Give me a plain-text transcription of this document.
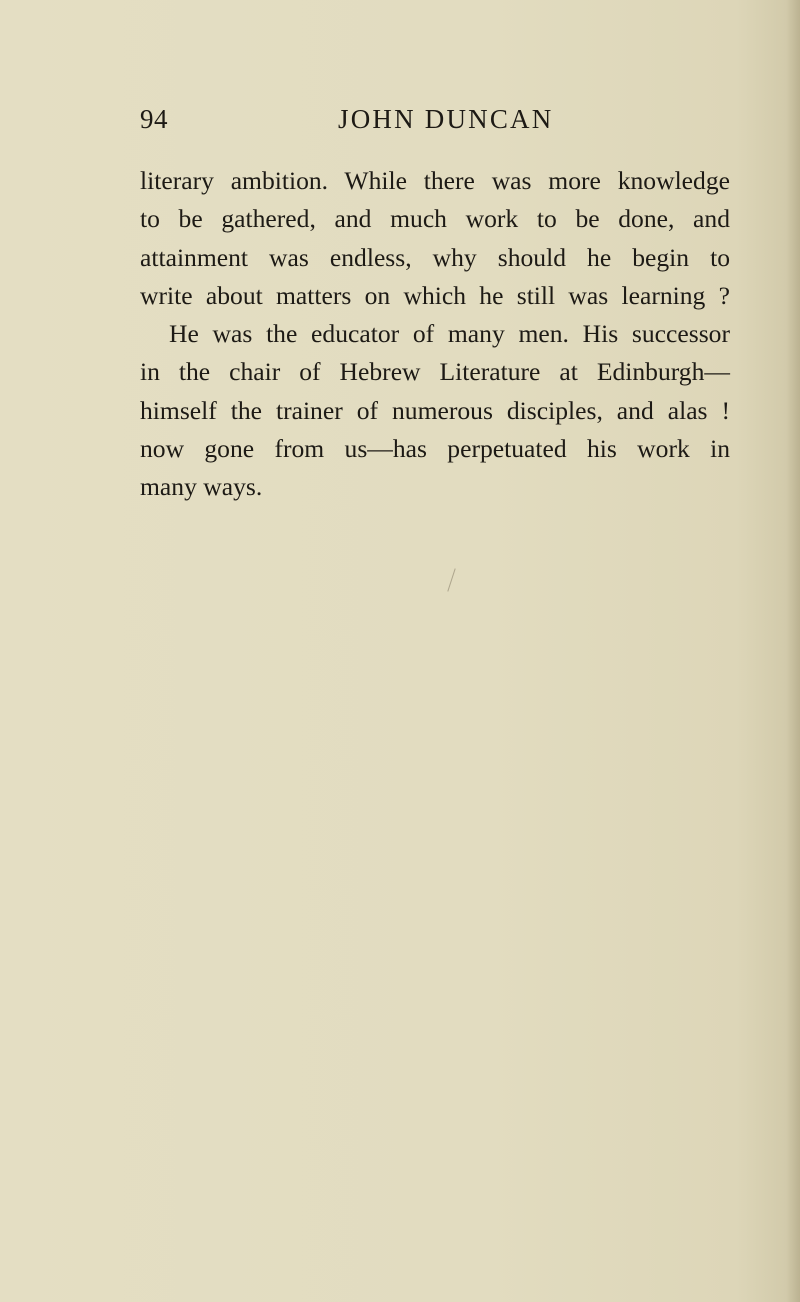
94	JOHN DUNCAN
literary ambition. While there was more knowledge
to be gathered, and much work to be done, and
attainment was endless, why should he begin to
write about matters on which he still was learning ?
He was the educator of many men. His successor
in the chair of Hebrew Literature at Edinburgh—
himself the trainer of numerous disciples, and alas !
now gone from us—has perpetuated his work in
many ways.
